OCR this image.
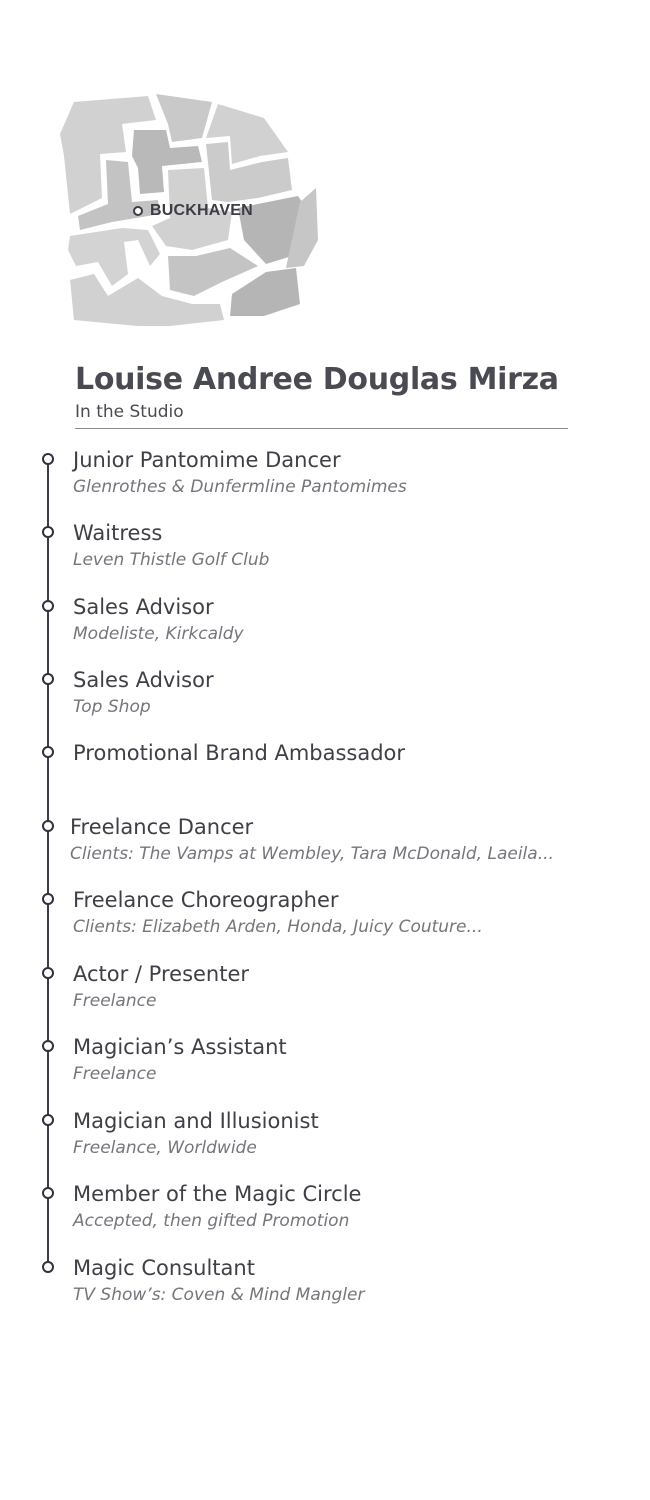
BUCKHAVEN
Louise Andree Douglas Mirza
In the Studio
Junior Pantomime Dancer
Glenrothes & Dunfermline Pantomimes
Waitress
Leven Thistle Golf Club
Sales Advisor
Modeliste, Kirkcaldy
Sales Advisor
Top Shop
Promotional Brand Ambassador
Freelance Dancer
Clients: The Vamps at Wembley, Tara McDonald, Laeila...
Freelance Choreographer
Clients: Elizabeth Arden, Honda, Juicy Couture...
Actor / Presenter
Freelance
Magician’s Assistant
Freelance
Magician and Illusionist
Freelance, Worldwide
Member of the Magic Circle
Accepted, then gifted Promotion
Magic Consultant
TV Show’s: Coven & Mind Mangler
